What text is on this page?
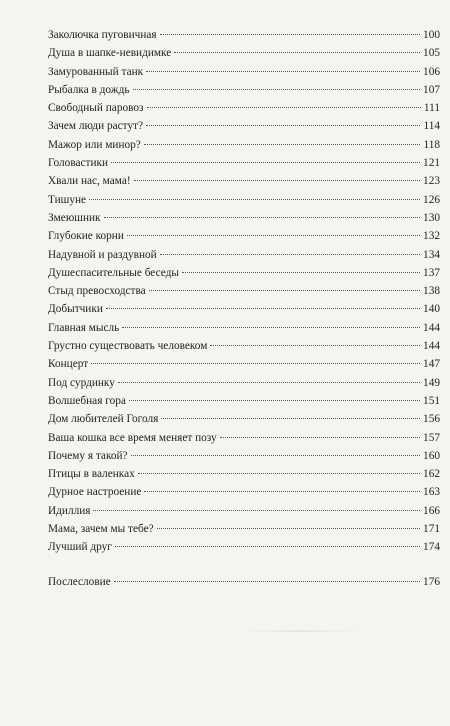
Заколючка пуговичная	100
Душа в шапке-невидимке	105
Замурованный танк	106
Рыбалка в дождь	107
Свободный паровоз	111
Зачем люди растут?	114
Мажор или минор?	118
Головастики	121
Хвали нас, мама!	123
Тишуне	126
Змеюшник	130
Глубокие корни	132
Надувной и раздувной	134
Душеспасительные беседы	137
Стыд превосходства	138
Добытчики	140
Главная мысль	144
Грустно существовать человеком	144
Концерт	147
Под сурдинку	149
Волшебная гора	151
Дом любителей Гоголя	156
Ваша кошка все время меняет позу	157
Почему я такой?	160
Птицы в валенках	162
Дурное настроение	163
Идиллия	166
Мама, зачем мы тебе?	171
Лучший друг	174
Послесловие	176
